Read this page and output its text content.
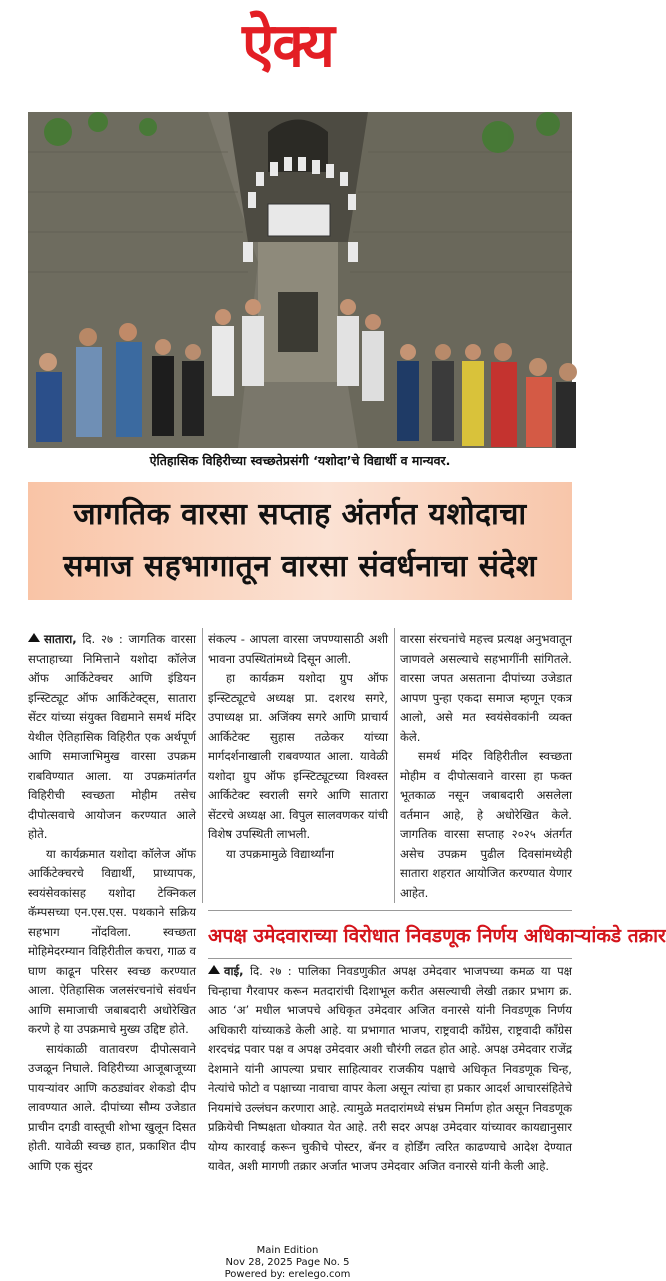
ऐक्य
ऐतिहासिक विहिरीच्या स्वच्छतेप्रसंगी ‘यशोदा’चे विद्यार्थी व मान्यवर.
जागतिक वारसा सप्ताह अंतर्गत यशोदाचा
समाज सहभागातून वारसा संवर्धनाचा संदेश

सातारा, दि. २७ : जागतिक वारसा सप्ताहाच्या निमित्ताने यशोदा कॉलेज ऑफ आर्किटेक्चर आणि इंडियन इन्स्टिट्यूट ऑफ आर्किटेक्ट्स, सातारा सेंटर यांच्या संयुक्त विद्यमाने समर्थ मंदिर येथील ऐतिहासिक विहिरीत एक अर्थपूर्ण आणि समाजाभिमुख वारसा उपक्रम राबविण्यात आला. या उपक्रमांतर्गत विहिरीची स्वच्छता मोहीम तसेच दीपोत्सवाचे आयोजन करण्यात आले होते.

या कार्यक्रमात यशोदा कॉलेज ऑफ आर्किटेक्चरचे विद्यार्थी, प्राध्यापक, स्वयंसेवकांसह यशोदा टेक्निकल कॅम्पसच्या एन.एस.एस. पथकाने सक्रिय सहभाग नोंदविला. स्वच्छता मोहिमेदरम्यान विहिरीतील कचरा, गाळ व घाण काढून परिसर स्वच्छ करण्यात आला. ऐतिहासिक जलसंरचनांचे संवर्धन आणि समाजाची जबाबदारी अधोरेखित करणे हे या उपक्रमाचे मुख्य उद्दिष्ट होते.

सायंकाळी वातावरण दीपोत्सवाने उजळून निघाले. विहिरीच्या आजूबाजूच्या पायऱ्यांवर आणि कठड्यांवर शेकडो दीप लावण्यात आले. दीपांच्या सौम्य उजेडात प्राचीन दगडी वास्तूची शोभा खुलून दिसत होती. यावेळी स्वच्छ हात, प्रकाशित दीप आणि एक सुंदर

संकल्प - आपला वारसा जपण्यासाठी अशी भावना उपस्थितांमध्ये दिसून आली.

हा कार्यक्रम यशोदा ग्रुप ऑफ इन्स्टिट्यूटचे अध्यक्ष प्रा. दशरथ सगरे, उपाध्यक्ष प्रा. अजिंक्य सगरे आणि प्राचार्य आर्किटेक्ट सुहास तळेकर यांच्या मार्गदर्शनाखाली राबवण्यात आला. यावेळी यशोदा ग्रुप ऑफ इन्स्टिट्यूटच्या विश्वस्त आर्किटेक्ट स्वराली सगरे आणि सातारा सेंटरचे अध्यक्ष आ. विपुल सालवणकर यांची विशेष उपस्थिती लाभली.

या उपक्रमामुळे विद्यार्थ्यांना

वारसा संरचनांचे महत्त्व प्रत्यक्ष अनुभवातून जाणवले असल्याचे सहभागींनी सांगितले. वारसा जपत असताना दीपांच्या उजेडात आपण पुन्हा एकदा समाज म्हणून एकत्र आलो, असे मत स्वयंसेवकांनी व्यक्त केले.

समर्थ मंदिर विहिरीतील स्वच्छता मोहीम व दीपोत्सवाने वारसा हा फक्त भूतकाळ नसून जबाबदारी असलेला वर्तमान आहे, हे अधोरेखित केले. जागतिक वारसा सप्ताह २०२५ अंतर्गत असेच उपक्रम पुढील दिवसांमध्येही सातारा शहरात आयोजित करण्यात येणार आहेत.

अपक्ष उमेदवाराच्या विरोधात निवडणूक निर्णय अधिकाऱ्यांकडे तक्रार

वाई, दि. २७ : पालिका निवडणुकीत अपक्ष उमेदवार भाजपच्या कमळ या पक्ष चिन्हाचा गैरवापर करून मतदारांची दिशाभूल करीत असल्याची लेखी तक्रार प्रभाग क्र. आठ ‘अ’ मधील भाजपचे अधिकृत उमेदवार अजित वनारसे यांनी निवडणूक निर्णय अधिकारी यांच्याकडे केली आहे. या प्रभागात भाजप, राष्ट्रवादी काँग्रेस, राष्ट्रवादी काँग्रेस शरदचंद्र पवार पक्ष व अपक्ष उमेदवार अशी चौरंगी लढत होत आहे. अपक्ष उमेदवार राजेंद्र देशमाने यांनी आपल्या प्रचार साहित्यावर राजकीय पक्षाचे अधिकृत निवडणूक चिन्ह, नेत्यांचे फोटो व पक्षाच्या नावाचा वापर केला असून त्यांचा हा प्रकार आदर्श आचारसंहितेचे नियमांचे उल्लंघन करणारा आहे. त्यामुळे मतदारांमध्ये संभ्रम निर्माण होत असून निवडणूक प्रक्रियेची निष्पक्षता धोक्यात येत आहे. तरी सदर अपक्ष उमेदवार यांच्यावर कायद्यानुसार योग्य कारवाई करून चुकीचे पोस्टर, बॅनर व होर्डिंग त्वरित काढण्याचे आदेश देण्यात यावेत, अशी मागणी तक्रार अर्जात भाजप उमेदवार अजित वनारसे यांनी केली आहे.

Main Edition
Nov 28, 2025 Page No. 5
Powered by: erelego.com
